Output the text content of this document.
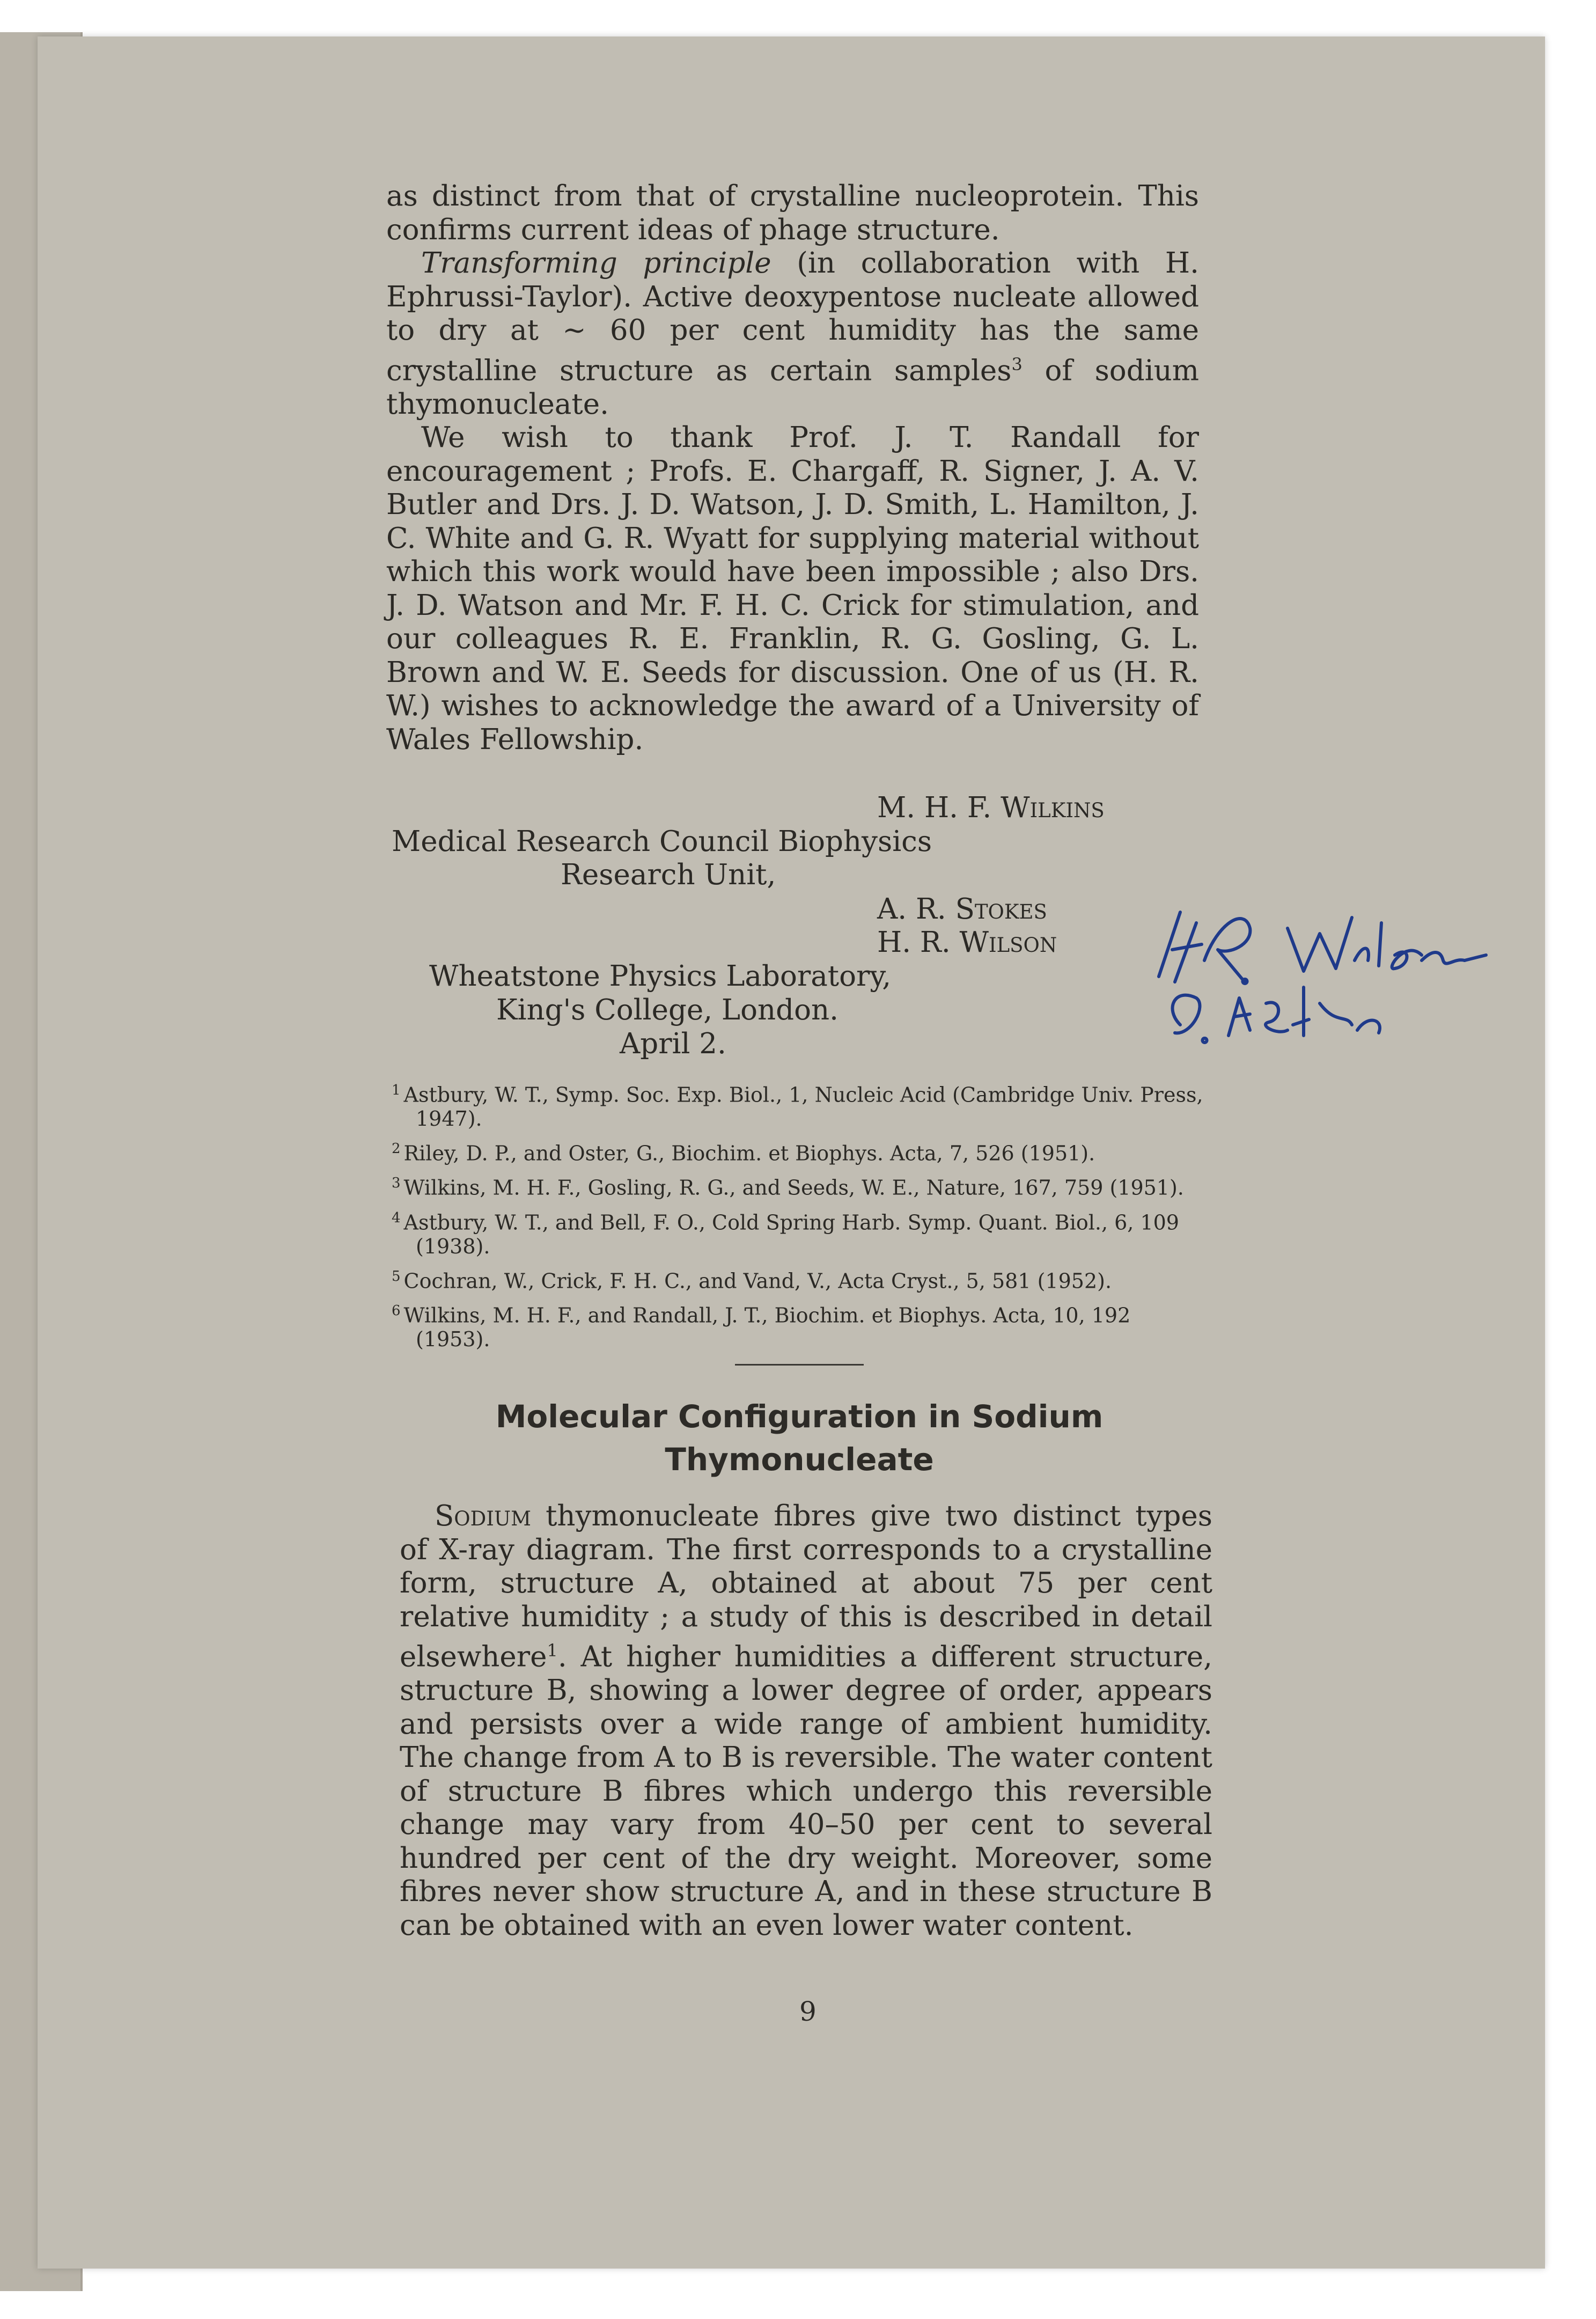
as distinct from that of crystalline nucleoprotein. This confirms current ideas of phage structure.

Transforming principle (in collaboration with H. Ephrussi-Taylor). Active deoxypentose nucleate allowed to dry at ∼ 60 per cent humidity has the same crystalline structure as certain samples$^3$ of sodium thymonucleate.

We wish to thank Prof. J. T. Randall for encouragement ; Profs. E. Chargaff, R. Signer, J. A. V. Butler and Drs. J. D. Watson, J. D. Smith, L. Hamilton, J. C. White and G. R. Wyatt for supplying material without which this work would have been impossible ; also Drs. J. D. Watson and Mr. F. H. C. Crick for stimulation, and our colleagues R. E. Franklin, R. G. Gosling, G. L. Brown and W. E. Seeds for discussion. One of us (H. R. W.) wishes to acknowledge the award of a University of Wales Fellowship.

M. H. F. Wilkins
Medical Research Council Biophysics
Research Unit,
A. R. Stokes
H. R. Wilson
Wheatstone Physics Laboratory,
King's College, London.
April 2.

$^1$ Astbury, W. T., Symp. Soc. Exp. Biol., 1, Nucleic Acid (Cambridge Univ. Press, 1947).

$^2$ Riley, D. P., and Oster, G., Biochim. et Biophys. Acta, 7, 526 (1951).

$^3$ Wilkins, M. H. F., Gosling, R. G., and Seeds, W. E., Nature, 167, 759 (1951).

$^4$ Astbury, W. T., and Bell, F. O., Cold Spring Harb. Symp. Quant. Biol., 6, 109 (1938).

$^5$ Cochran, W., Crick, F. H. C., and Vand, V., Acta Cryst., 5, 581 (1952).

$^6$ Wilkins, M. H. F., and Randall, J. T., Biochim. et Biophys. Acta, 10, 192 (1953).

Molecular Configuration in Sodium Thymonucleate

Sodium thymonucleate fibres give two distinct types of X-ray diagram. The first corresponds to a crystalline form, structure A, obtained at about 75 per cent relative humidity ; a study of this is described in detail elsewhere$^1$. At higher humidities a different structure, structure B, showing a lower degree of order, appears and persists over a wide range of ambient humidity. The change from A to B is reversible. The water content of structure B fibres which undergo this reversible change may vary from 40–50 per cent to several hundred per cent of the dry weight. Moreover, some fibres never show structure A, and in these structure B can be obtained with an even lower water content.

9
